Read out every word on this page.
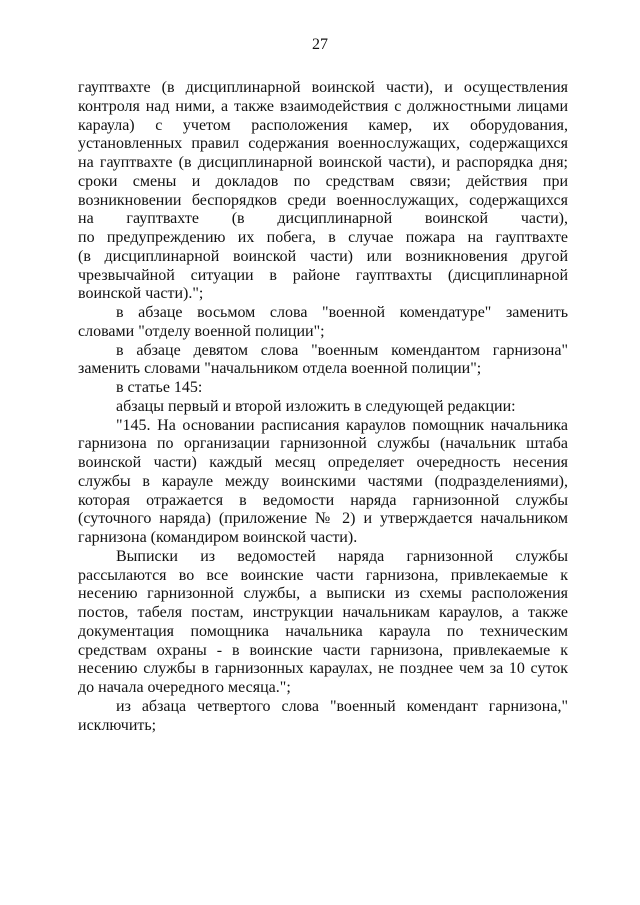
27
гауптвахте (в дисциплинарной воинской части), и осуществления
контроля над ними, а также взаимодействия с должностными лицами
караула) с учетом расположения камер, их оборудования,
установленных правил содержания военнослужащих, содержащихся
на гауптвахте (в дисциплинарной воинской части), и распорядка дня;
сроки смены и докладов по средствам связи; действия при
возникновении беспорядков среди военнослужащих, содержащихся
на гауптвахте (в дисциплинарной воинской части),
по предупреждению их побега, в случае пожара на гауптвахте
(в дисциплинарной воинской части) или возникновения другой
чрезвычайной ситуации в районе гауптвахты (дисциплинарной
воинской части).";
в абзаце восьмом слова "военной комендатуре" заменить
словами "отделу военной полиции";
в абзаце девятом слова "военным комендантом гарнизона"
заменить словами "начальником отдела военной полиции";
в статье 145:
абзацы первый и второй изложить в следующей редакции:
"145. На основании расписания караулов помощник начальника
гарнизона по организации гарнизонной службы (начальник штаба
воинской части) каждый месяц определяет очередность несения
службы в карауле между воинскими частями (подразделениями),
которая отражается в ведомости наряда гарнизонной службы
(суточного наряда) (приложение № 2) и утверждается начальником
гарнизона (командиром воинской части).
Выписки из ведомостей наряда гарнизонной службы
рассылаются во все воинские части гарнизона, привлекаемые к
несению гарнизонной службы, а выписки из схемы расположения
постов, табеля постам, инструкции начальникам караулов, а также
документация помощника начальника караула по техническим
средствам охраны - в воинские части гарнизона, привлекаемые к
несению службы в гарнизонных караулах, не позднее чем за 10 суток
до начала очередного месяца.";
из абзаца четвертого слова "военный комендант гарнизона,"
исключить;
